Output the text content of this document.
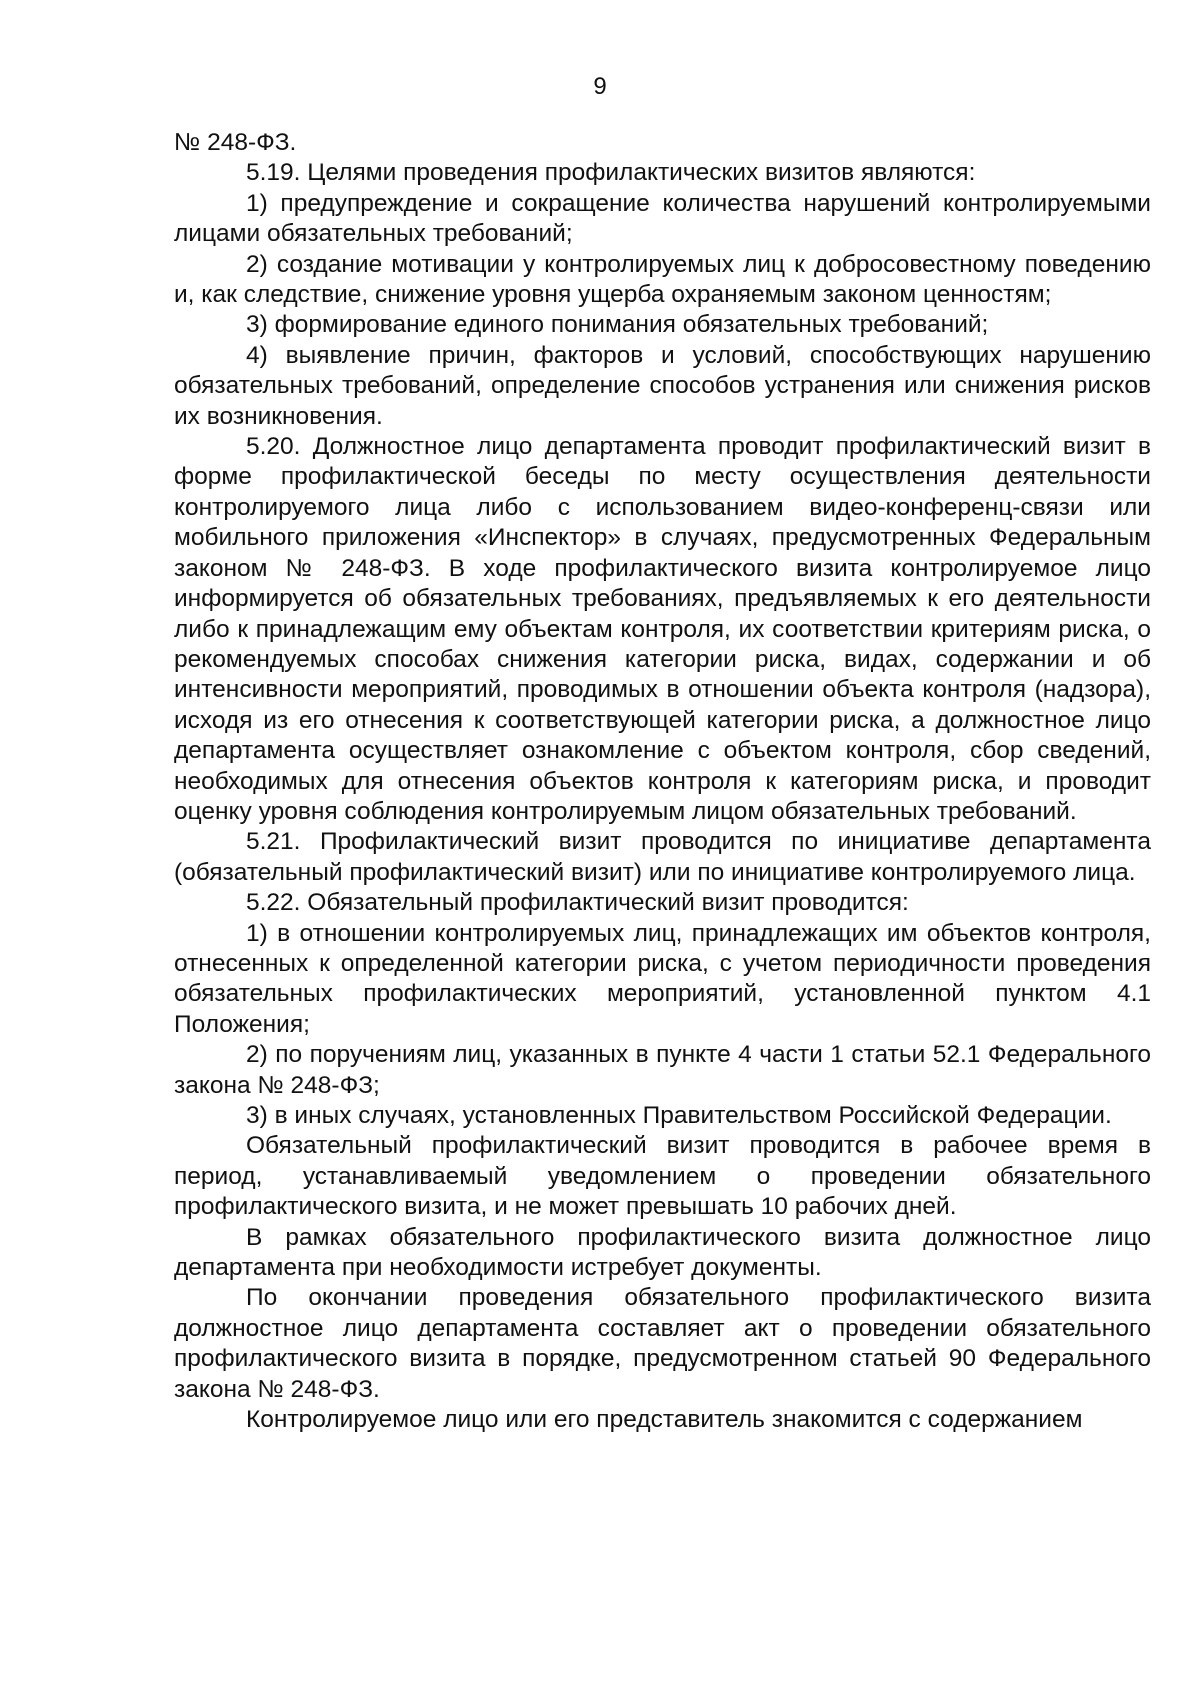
9

№ 248-ФЗ.

5.19. Целями проведения профилактических визитов являются:

1) предупреждение и сокращение количества нарушений контролируемыми лицами обязательных требований;

2) создание мотивации у контролируемых лиц к добросовестному поведению и, как следствие, снижение уровня ущерба охраняемым законом ценностям;

3) формирование единого понимания обязательных требований;

4) выявление причин, факторов и условий, способствующих нарушению обязательных требований, определение способов устранения или снижения рисков их возникновения.

5.20. Должностное лицо департамента проводит профилактический визит в форме профилактической беседы по месту осуществления деятельности контролируемого лица либо с использованием видео-конференц-связи или мобильного приложения «Инспектор» в случаях, предусмотренных Федеральным законом № 248-ФЗ. В ходе профилактического визита контролируемое лицо информируется об обязательных требованиях, предъявляемых к его деятельности либо к принадлежащим ему объектам контроля, их соответствии критериям риска, о рекомендуемых способах снижения категории риска, видах, содержании и об интенсивности мероприятий, проводимых в отношении объекта контроля (надзора), исходя из его отнесения к соответствующей категории риска, а должностное лицо департамента осуществляет ознакомление с объектом контроля, сбор сведений, необходимых для отнесения объектов контроля к категориям риска, и проводит оценку уровня соблюдения контролируемым лицом обязательных требований.

5.21. Профилактический визит проводится по инициативе департамента (обязательный профилактический визит) или по инициативе контролируемого лица.

5.22. Обязательный профилактический визит проводится:

1) в отношении контролируемых лиц, принадлежащих им объектов контроля, отнесенных к определенной категории риска, с учетом периодичности проведения обязательных профилактических мероприятий, установленной пунктом 4.1 Положения;

2) по поручениям лиц, указанных в пункте 4 части 1 статьи 52.1 Федерального закона № 248-ФЗ;

3) в иных случаях, установленных Правительством Российской Федерации.

Обязательный профилактический визит проводится в рабочее время в период, устанавливаемый уведомлением о проведении обязательного профилактического визита, и не может превышать 10 рабочих дней.

В рамках обязательного профилактического визита должностное лицо департамента при необходимости истребует документы.

По окончании проведения обязательного профилактического визита должностное лицо департамента составляет акт о проведении обязательного профилактического визита в порядке, предусмотренном статьей 90 Федерального закона № 248-ФЗ.

Контролируемое лицо или его представитель знакомится с содержанием
